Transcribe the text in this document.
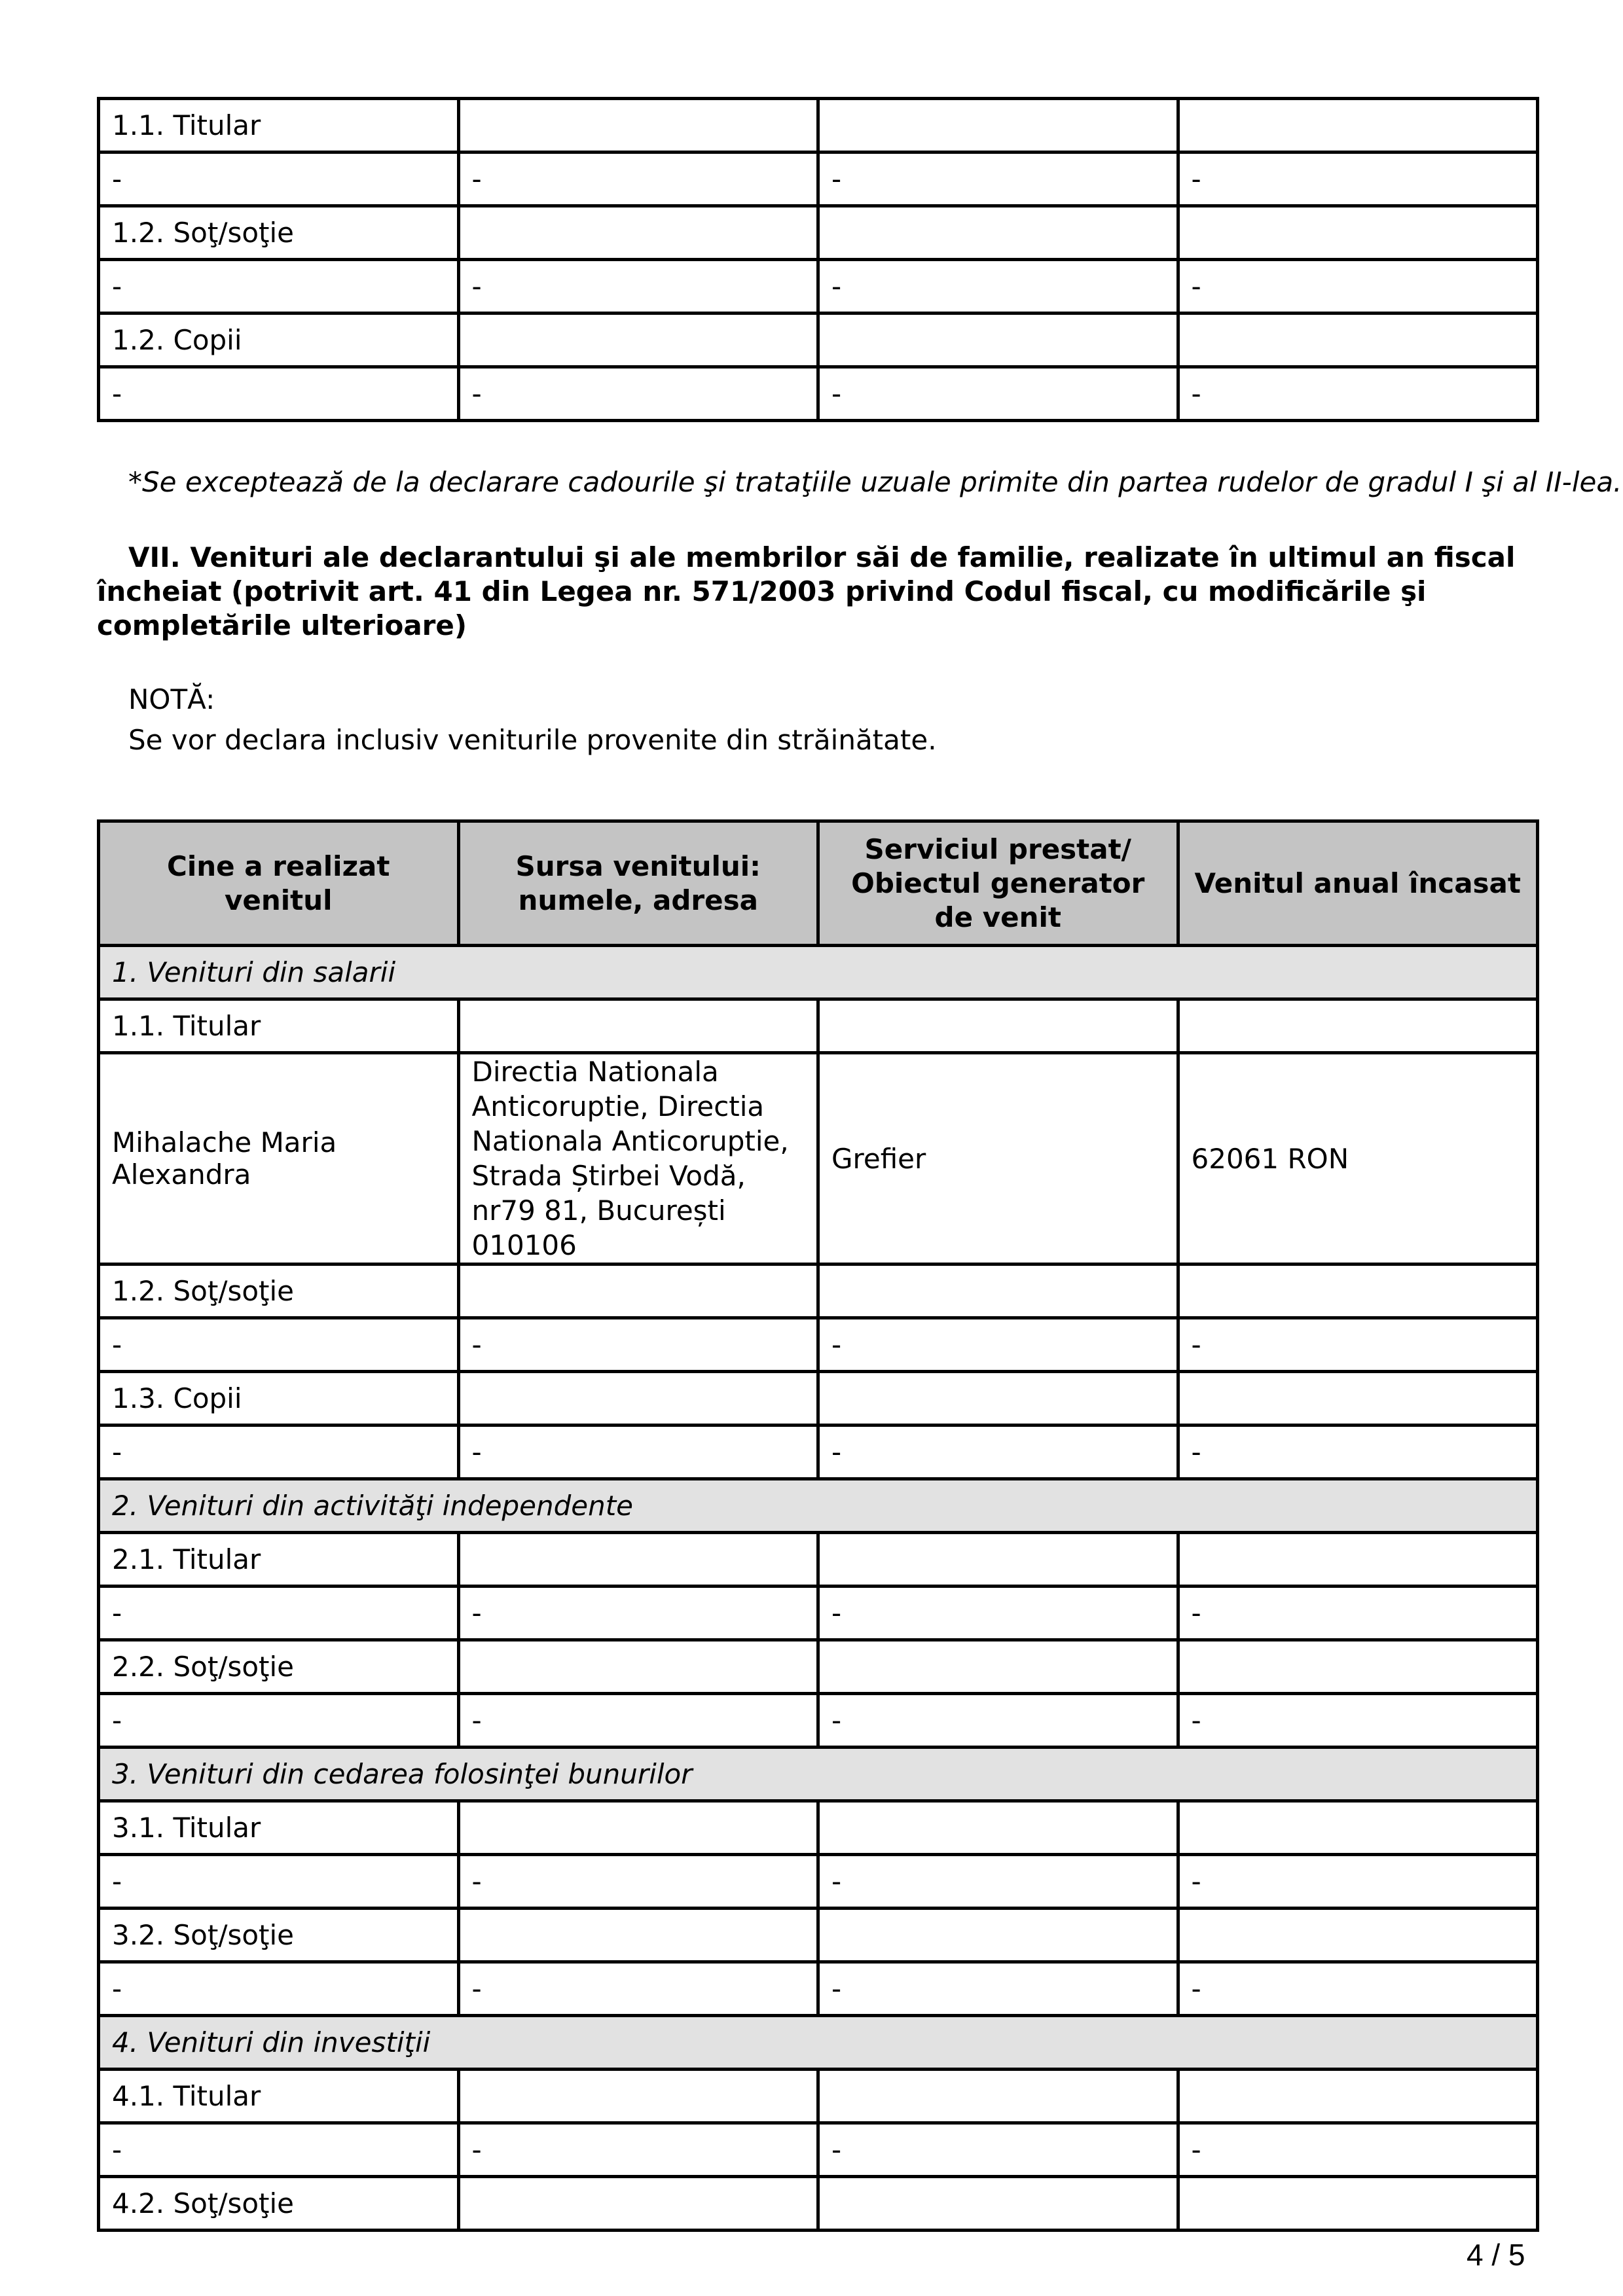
1.1. Titular			
-	-	-	-
1.2. Soţ/soţie			
-	-	-	-
1.2. Copii			
-	-	-	-
*Se exceptează de la declarare cadourile şi trataţiile uzuale primite din partea rudelor de gradul I şi al II-lea.
VII. Venituri ale declarantului şi ale membrilor săi de familie, realizate în ultimul an fiscal încheiat (potrivit art. 41 din Legea nr. 571/2003 privind Codul fiscal, cu modificările şi completările ulterioare)
NOTĂ:
Se vor declara inclusiv veniturile provenite din străinătate.
Cine a realizat venitul	Sursa venitului: numele, adresa	Serviciul prestat/ Obiectul generator de venit	Venitul anual încasat
1. Venituri din salarii			
1.1. Titular			
Mihalache Maria Alexandra	Directia Nationala Anticoruptie, Directia Nationala Anticoruptie, Strada Știrbei Vodă, nr79 81, București 010106	Grefier	62061 RON
1.2. Soţ/soţie			
-	-	-	-
1.3. Copii			
-	-	-	-
2. Venituri din activităţi independente			
2.1. Titular			
-	-	-	-
2.2. Soţ/soţie			
-	-	-	-
3. Venituri din cedarea folosinţei bunurilor			
3.1. Titular			
-	-	-	-
3.2. Soţ/soţie			
-	-	-	-
4. Venituri din investiţii			
4.1. Titular			
-	-	-	-
4.2. Soţ/soţie			
4 / 5
